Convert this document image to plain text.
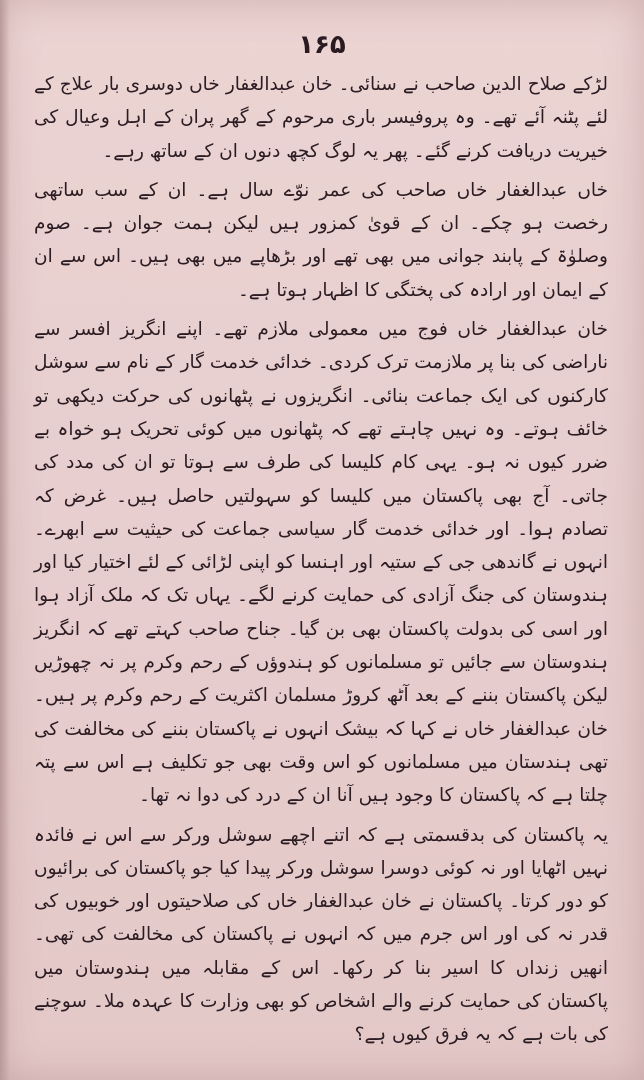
۱۶۵

لڑکے صلاح الدین صاحب نے سنائی۔ خان عبدالغفار خاں دوسری بار علاج کے لئے پٹنہ آئے تھے۔ وہ پروفیسر باری مرحوم کے گھر پران کے اہل وعیال کی خیریت دریافت کرنے گئے۔ پھر یہ لوگ کچھ دنوں ان کے ساتھ رہے۔

خاں عبدالغفار خاں صاحب کی عمر نوّے سال ہے۔ ان کے سب ساتھی رخصت ہو چکے۔ ان کے قویٰ کمزور ہیں لیکن ہمت جوان ہے۔ صوم وصلوٰۃ کے پابند جوانی میں بھی تھے اور بڑھاپے میں بھی ہیں۔ اس سے ان کے ایمان اور ارادہ کی پختگی کا اظہار ہوتا ہے۔

خان عبدالغفار خاں فوج میں معمولی ملازم تھے۔ اپنے انگریز افسر سے ناراضی کی بنا پر ملازمت ترک کردی۔ خدائی خدمت گار کے نام سے سوشل کارکنوں کی ایک جماعت بنائی۔ انگریزوں نے پٹھانوں کی حرکت دیکھی تو خائف ہوتے۔ وہ نہیں چاہتے تھے کہ پٹھانوں میں کوئی تحریک ہو خواہ بے ضرر کیوں نہ ہو۔ یہی کام کلیسا کی طرف سے ہوتا تو ان کی مدد کی جاتی۔ آج بھی پاکستان میں کلیسا کو سہولتیں حاصل ہیں۔ غرض کہ تصادم ہوا۔ اور خدائی خدمت گار سیاسی جماعت کی حیثیت سے ابھرے۔ انہوں نے گاندھی جی کے ستیہ اور اہنسا کو اپنی لڑائی کے لئے اختیار کیا اور ہندوستان کی جنگ آزادی کی حمایت کرنے لگے۔ یہاں تک کہ ملک آزاد ہوا اور اسی کی بدولت پاکستان بھی بن گیا۔ جناح صاحب کہتے تھے کہ انگریز ہندوستان سے جائیں تو مسلمانوں کو ہندوؤں کے رحم وکرم پر نہ چھوڑیں لیکن پاکستان بننے کے بعد آٹھ کروڑ مسلمان اکثریت کے رحم وکرم پر ہیں۔ خان عبدالغفار خاں نے کہا کہ بیشک انہوں نے پاکستان بننے کی مخالفت کی تھی ہندستان میں مسلمانوں کو اس وقت بھی جو تکلیف ہے اس سے پتہ چلتا ہے کہ پاکستان کا وجود ہیں آنا ان کے درد کی دوا نہ تھا۔

یہ پاکستان کی بدقسمتی ہے کہ اتنے اچھے سوشل ورکر سے اس نے فائدہ نہیں اٹھایا اور نہ کوئی دوسرا سوشل ورکر پیدا کیا جو پاکستان کی برائیوں کو دور کرتا۔ پاکستان نے خان عبدالغفار خاں کی صلاحیتوں اور خوبیوں کی قدر نہ کی اور اس جرم میں کہ انہوں نے پاکستان کی مخالفت کی تھی۔ انھیں زنداں کا اسیر بنا کر رکھا۔ اس کے مقابلہ میں ہندوستان میں پاکستان کی حمایت کرنے والے اشخاص کو بھی وزارت کا عہدہ ملا۔ سوچنے کی بات ہے کہ یہ فرق کیوں ہے؟
